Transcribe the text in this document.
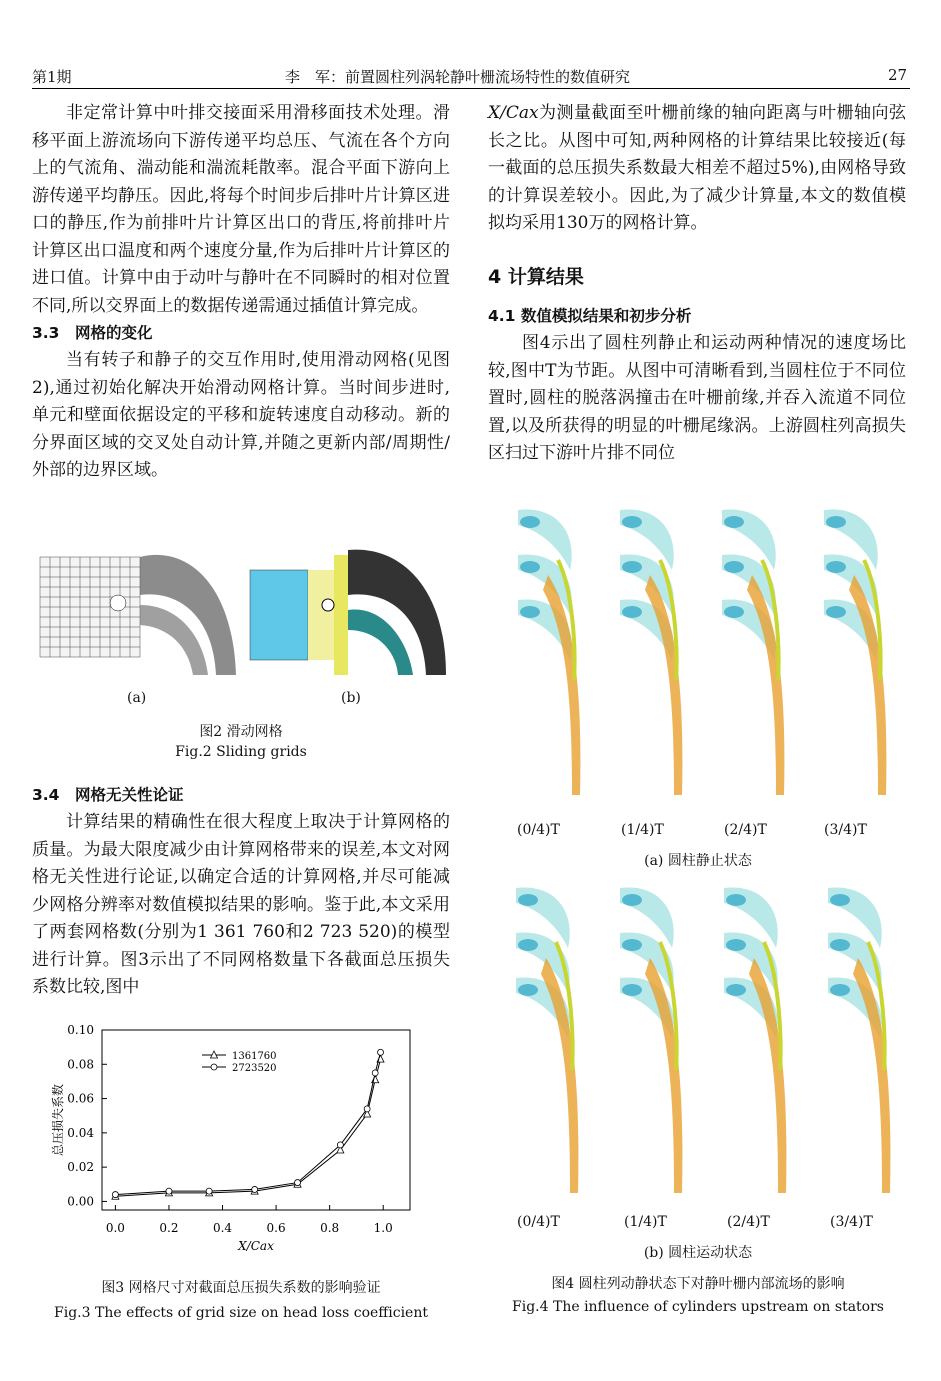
第1期	李　军：前置圆柱列涡轮静叶栅流场特性的数值研究	27

非定常计算中叶排交接面采用滑移面技术处理。滑移平面上游流场向下游传递平均总压、气流在各个方向上的气流角、湍动能和湍流耗散率。混合平面下游向上游传递平均静压。因此,将每个时间步后排叶片计算区进口的静压,作为前排叶片计算区出口的背压,将前排叶片计算区出口温度和两个速度分量,作为后排叶片计算区的进口值。计算中由于动叶与静叶在不同瞬时的相对位置不同,所以交界面上的数据传递需通过插值计算完成。

3.3　网格的变化

当有转子和静子的交互作用时,使用滑动网格(见图2),通过初始化解决开始滑动网格计算。当时间步进时,单元和壁面依据设定的平移和旋转速度自动移动。新的分界面区域的交叉处自动计算,并随之更新内部/周期性/外部的边界区域。

(a)	(b)
图2 滑动网格
Fig.2 Sliding grids
3.4　网格无关性论证

计算结果的精确性在很大程度上取决于计算网格的质量。为最大限度减少由计算网格带来的误差,本文对网格无关性进行论证,以确定合适的计算网格,并尽可能减少网格分辨率对数值模拟结果的影响。鉴于此,本文采用了两套网格数(分别为1 361 760和2 723 520)的模型进行计算。图3示出了不同网格数量下各截面总压损失系数比较,图中

0.00
0.02
0.04
0.06
0.08
0.10
0.0	0.2	0.4	0.6	0.8	1.0
X/Cax
总压损失系数
1361760
2723520
图3 网格尺寸对截面总压损失系数的影响验证
Fig.3 The effects of grid size on head loss coefficient

X/Cax为测量截面至叶栅前缘的轴向距离与叶栅轴向弦长之比。从图中可知,两种网格的计算结果比较接近(每一截面的总压损失系数最大相差不超过5%),由网格导致的计算误差较小。因此,为了减少计算量,本文的数值模拟均采用130万的网格计算。

4 计算结果
4.1 数值模拟结果和初步分析

图4示出了圆柱列静止和运动两种情况的速度场比较,图中T为节距。从图中可清晰看到,当圆柱位于不同位置时,圆柱的脱落涡撞击在叶栅前缘,并吞入流道不同位置,以及所获得的明显的叶栅尾缘涡。上游圆柱列高损失区扫过下游叶片排不同位

(0/4)T	(1/4)T	(2/4)T	(3/4)T
(a) 圆柱静止状态
(0/4)T	(1/4)T	(2/4)T	(3/4)T
(b) 圆柱运动状态
图4 圆柱列动静状态下对静叶栅内部流场的影响
Fig.4 The influence of cylinders upstream on stators
